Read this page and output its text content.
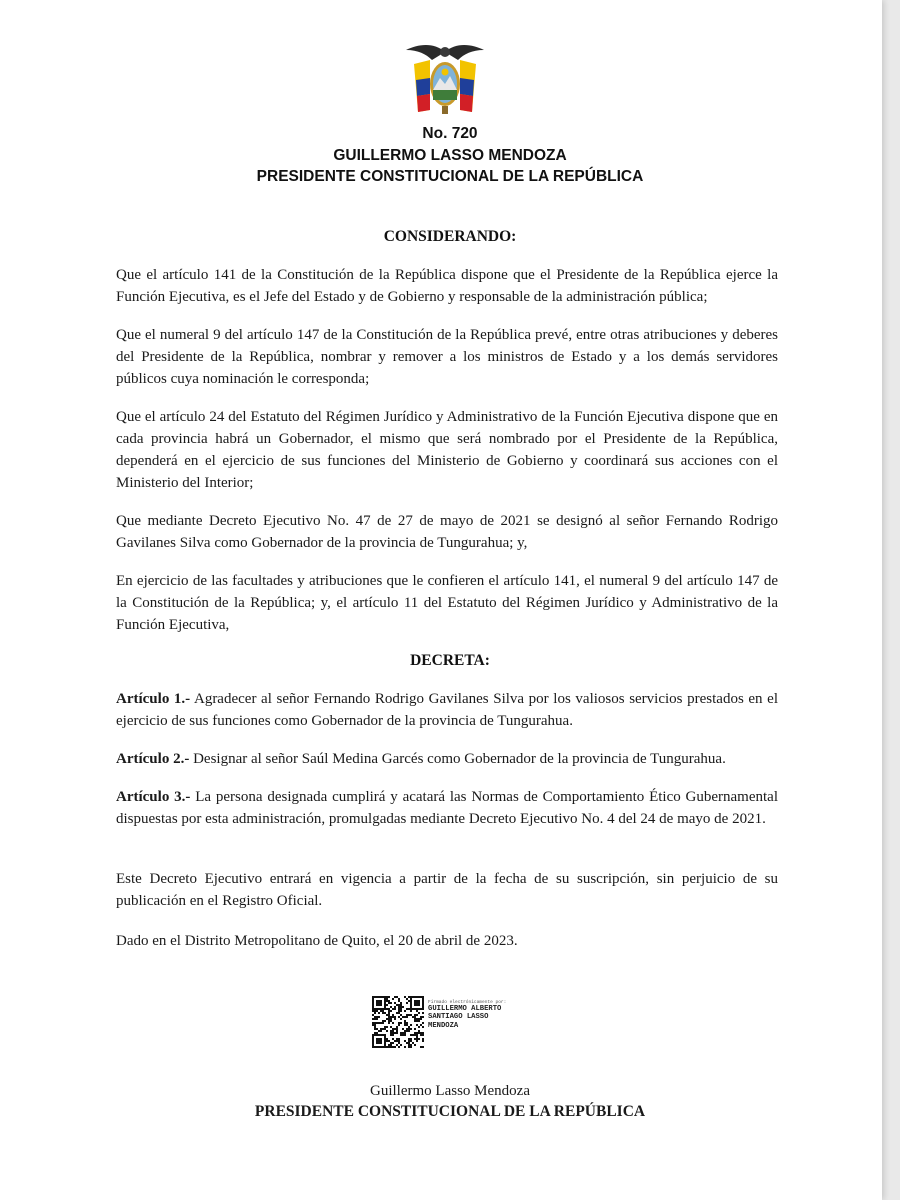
No. 720
GUILLERMO LASSO MENDOZA
PRESIDENTE CONSTITUCIONAL DE LA REPÚBLICA
CONSIDERANDO:

Que el artículo 141 de la Constitución de la República dispone que el Presidente de la República ejerce la Función Ejecutiva, es el Jefe del Estado y de Gobierno y responsable de la administración pública;

Que el numeral 9 del artículo 147 de la Constitución de la República prevé, entre otras atribuciones y deberes del Presidente de la República, nombrar y remover a los ministros de Estado y a los demás servidores públicos cuya nominación le corresponda;

Que el artículo 24 del Estatuto del Régimen Jurídico y Administrativo de la Función Ejecutiva dispone que en cada provincia habrá un Gobernador, el mismo que será nombrado por el Presidente de la República, dependerá en el ejercicio de sus funciones del Ministerio de Gobierno y coordinará sus acciones con el Ministerio del Interior;

Que mediante Decreto Ejecutivo No. 47 de 27 de mayo de 2021 se designó al señor Fernando Rodrigo Gavilanes Silva como Gobernador de la provincia de Tungurahua; y,

En ejercicio de las facultades y atribuciones que le confieren el artículo 141, el numeral 9 del artículo 147 de la Constitución de la República; y, el artículo 11 del Estatuto del Régimen Jurídico y Administrativo de la Función Ejecutiva,

DECRETA:

Artículo 1.- Agradecer al señor Fernando Rodrigo Gavilanes Silva por los valiosos servicios prestados en el ejercicio de sus funciones como Gobernador de la provincia de Tungurahua.

Artículo 2.- Designar al señor Saúl Medina Garcés como Gobernador de la provincia de Tungurahua.

Artículo 3.- La persona designada cumplirá y acatará las Normas de Comportamiento Ético Gubernamental dispuestas por esta administración, promulgadas mediante Decreto Ejecutivo No. 4 del 24 de mayo de 2021.

Este Decreto Ejecutivo entrará en vigencia a partir de la fecha de su suscripción, sin perjuicio de su publicación en el Registro Oficial.

Dado en el Distrito Metropolitano de Quito, el 20 de abril de 2023.

Firmado electrónicamente por:
GUILLERMO ALBERTO
SANTIAGO LASSO
MENDOZA
Guillermo Lasso Mendoza
PRESIDENTE CONSTITUCIONAL DE LA REPÚBLICA
